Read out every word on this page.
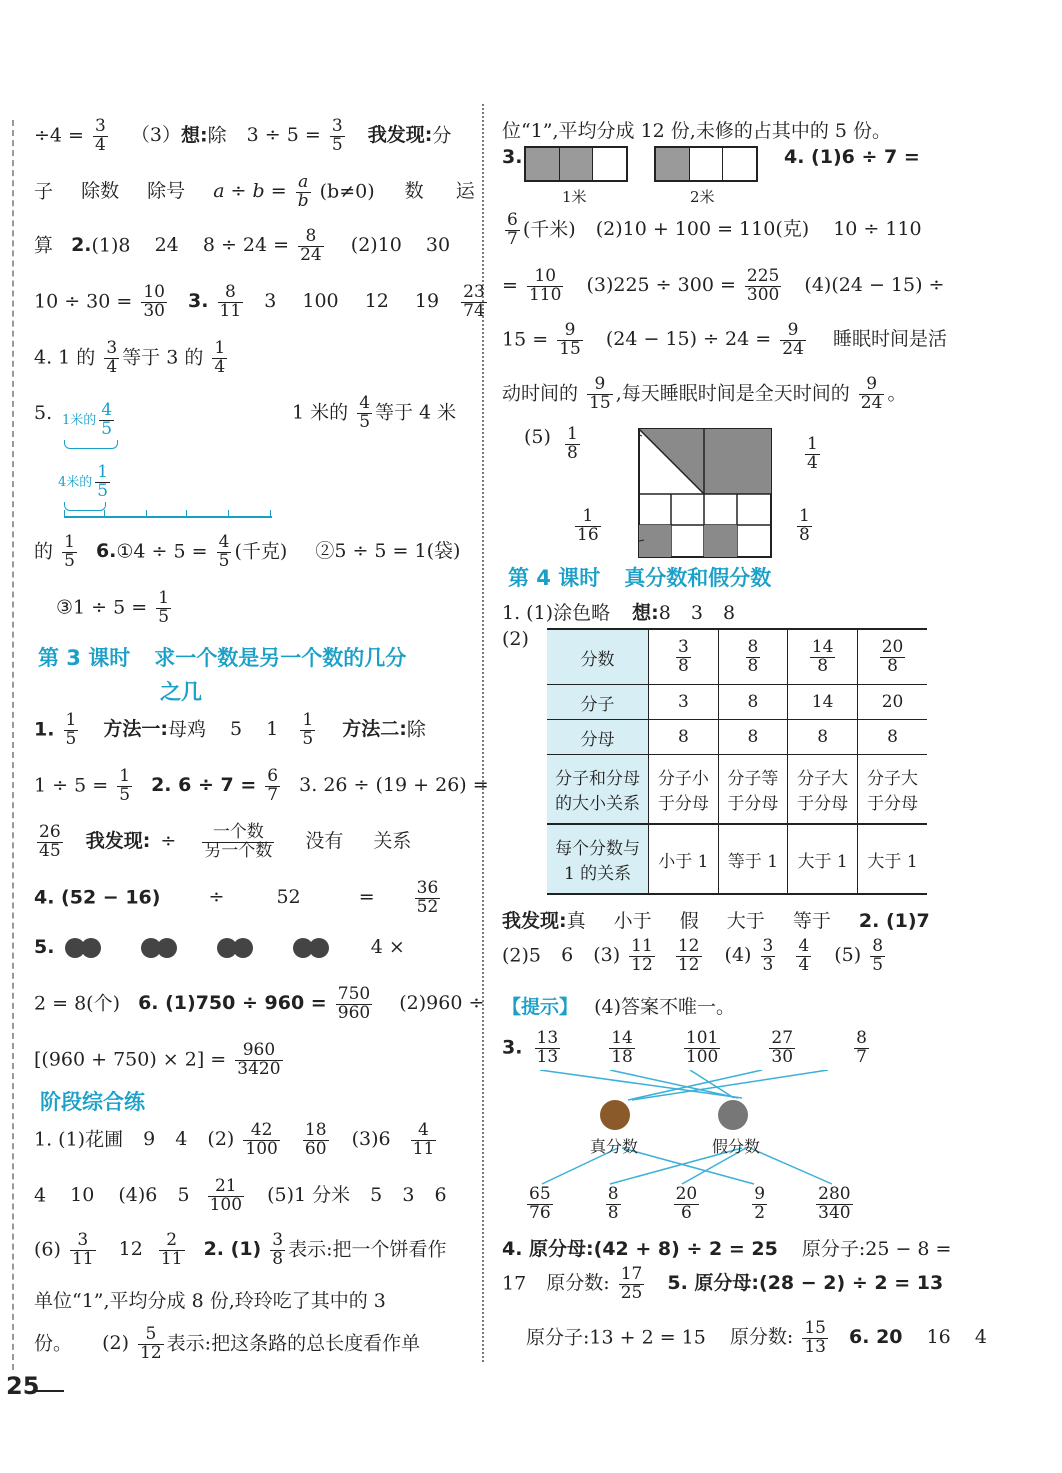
$\div 4 = \frac{3}{4} (3)$想:除 $3 \div 5 = \frac{3}{5}$ 我发现:分
子 除数 除号 $a \div b = \frac{a}{b} (b\ne 0)$ 数 运
算 2.(1)8 24 $8 \div 24 = \frac{8}{24} (2)10$ 30
$10 \div 30 = \frac{10}{30} 3$. $\frac{8}{11} 3$ 100 12 $19 \frac{23}{74}$
4. 1 的 $\frac{3}{4}$ 等于 3 的 $\frac{1}{4}$
5. 1米的 $\frac{4}{5}$
4米的 $\frac{1}{5}$
1 米的 $\frac{4}{5}$ 等于 4 米
的 $\frac{1}{5}$ 6.①4 ÷ $5 = \frac{4}{5}$ (千克) ②5 ÷ 5 = 1(袋)
③1 ÷ $5 = \frac{1}{5}$
第 3 课时 求一个数是另一个数的几分
之几
1. $\frac{1}{5}$ 方法一:母鸡 5 $1 \frac{1}{5}$ 方法二:除
$1 \div 5 = \frac{1}{5} 2$. $6 \div 7 = \frac{6}{7} 3$. 26 ÷ (19 + 26) =
$\frac{26}{45}$ 我发现: ÷	一个数
另一个数 没有 关系
4. (52 − 16)	÷	52	= $\frac{36}{52}$
5.	4 ×
2 = 8(个) 6. $(1)750 \div 960 = \frac{750}{960} (2)960$ ÷
$[(960 + 750) \times 2] = \frac{960}{3420}$
阶段综合练
1. (1)花圃 9 4 $(2) \frac{42}{100}$
$\frac{18}{60} (3)6 \frac{4}{11}$
4 10 (4)6 $5 \frac{21}{100} (5)1$ 分米 5 3 6
$(6) \frac{3}{11} 12 \frac{2}{11} 2$. $(1) \frac{3}{8}$ 表示:把一个饼看作
单位“1”,平均分成 8 份,玲玲吃了其中的 3
份。 $(2) \frac{5}{12}$ 表示:把这条路的总长度看作单
位“1”,平均分成 12 份,未修的占其中的 5 份。
3.
1米	2米
4. (1)6 ÷ 7 =
$\frac{6}{7}$ (千米) (2)10 + 100 = 110(克) 10 ÷ 110
= $\frac{10}{110} (3)225 \div 300 = \frac{225}{300} (4)(24 - 15)$ ÷
$15 = \frac{9}{15} (24 - 15) \div 24 = \frac{9}{24}$ 睡眠时间是活
动时间的 $\frac{9}{15}$ ,每天睡眠时间是全天时间的 $\frac{9}{24}$ 。
$(5) \frac{1}{8}$	$\frac{1}{4}$
$\frac{1}{16}$	$\frac{1}{8}$
第 4 课时 真分数和假分数
1. (1)涂色略 想:8 3 8
(2)
分数	$\frac{3}{8}$	$\frac{8}{8}$	$\frac{14}{8}$	$\frac{20}{8}$

分子	3	8	14	20
分母	8	8	8	8
分子和分母的大小关系	分子小于分母	分子等于分母	分子大于分母	分子大于分母
每个分数与 1 的关系	小于 1	等于 1	大于 1	大于 1
我发现:真 小于 假 大于 等于 2. (1)7
(2)5 6 $(3) \frac{11}{12}$
$\frac{12}{12} (4) \frac{3}{3}$
$\frac{4}{4} (5) \frac{8}{5}$
【提示】 (4)答案不唯一。
3. $\frac{13}{13}$
	$\frac{14}{18}$
	$\frac{101}{100}$
	$\frac{27}{30}$
	$\frac{8}{7}$
真分数	假分数
$\frac{65}{76}$
	$\frac{8}{8}$
	$\frac{20}{6}$
	$\frac{9}{2}$
	$\frac{280}{340}$
4. 原分母:(42 + 8) ÷ 2 = 25 原分子:25 − 8 =
17 原分数: $\frac{17}{25} 5$. 原分母:(28 − 2) ÷ 2 = 13
原分子:13 + 2 = 15 原分数: $\frac{15}{13} 6$. 20 16 4
25
